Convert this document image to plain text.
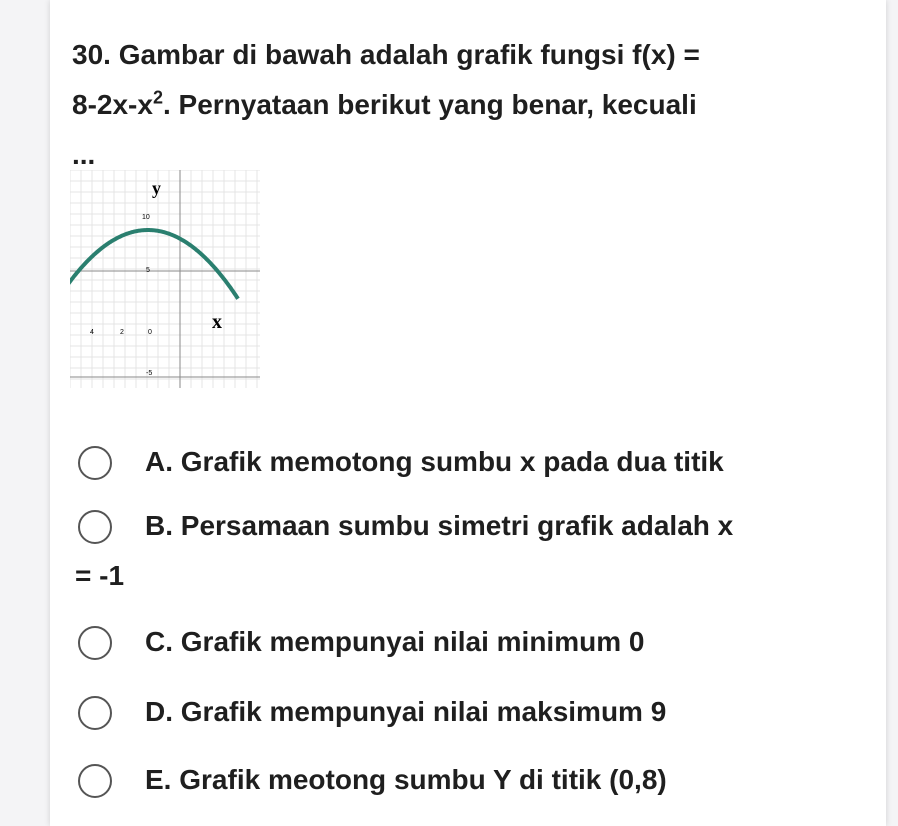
30. Gambar di bawah adalah grafik fungsi f(x) =
$8-2x-x^2$. Pernyataan berikut yang benar, kecuali
...
y
x
10
5
4	2	0
-5
A. Grafik memotong sumbu x pada dua titik
B. Persamaan sumbu simetri grafik adalah x
= -1
C. Grafik mempunyai nilai minimum 0
D. Grafik mempunyai nilai maksimum 9
E. Grafik meotong sumbu Y di titik (0,8)
